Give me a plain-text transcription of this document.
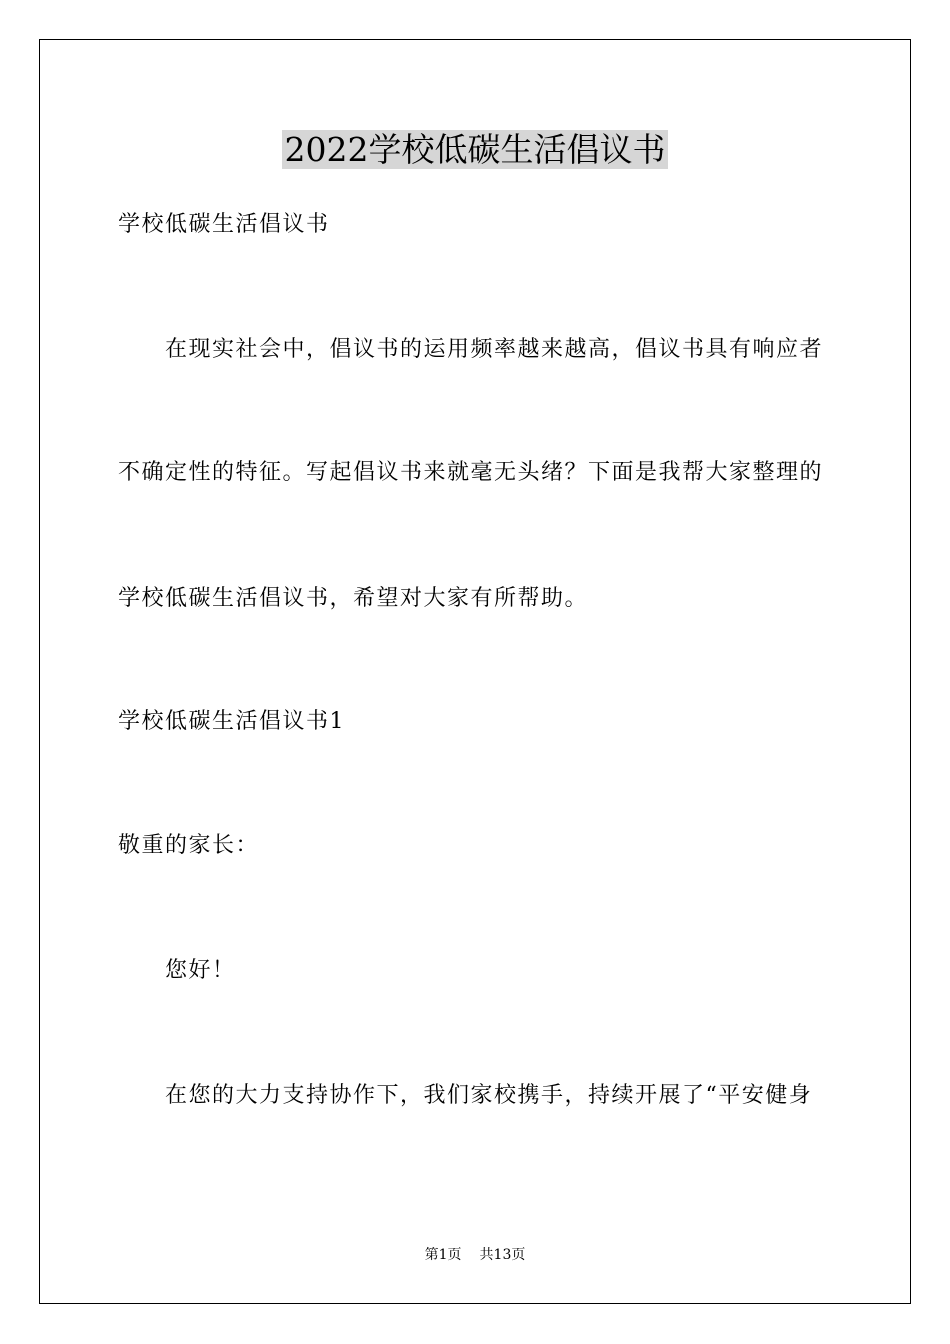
2022学校低碳生活倡议书
学校低碳生活倡议书
在现实社会中，倡议书的运用频率越来越高，倡议书具有响应者
不确定性的特征。写起倡议书来就毫无头绪？下面是我帮大家整理的
学校低碳生活倡议书，希望对大家有所帮助。
学校低碳生活倡议书1
敬重的家长：
您好！
在您的大力支持协作下，我们家校携手，持续开展了“平安健身
第1页 共13页
